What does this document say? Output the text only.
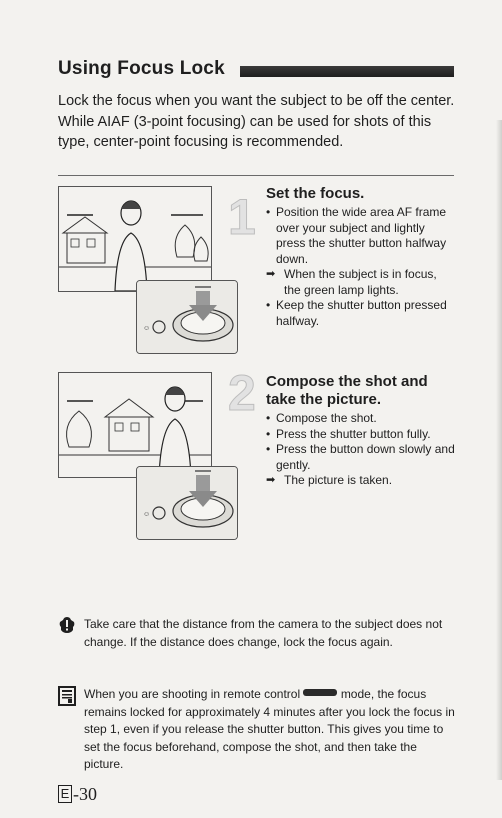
Using Focus Lock

Lock the focus when you want the subject to be off the center.

While AIAF (3-point focusing) can be used for shots of this type, center-point focusing is recommended.

☺
1 Set the focus.
• Position the wide area AF frame over your subject and lightly press the shutter button halfway down.
➡ When the subject is in focus, the green lamp lights.
• Keep the shutter button pressed halfway.
☺
2 Compose the shot and take the picture.
• Compose the shot.
• Press the shutter button fully.
• Press the button down slowly and gently.
➡ The picture is taken.
Take care that the distance from the camera to the subject does not change. If the distance does change, lock the focus again.
When you are shooting in remote control	mode, the focus remains locked for approximately 4 minutes after you lock the focus in step 1, even if you release the shutter button. This gives you time to set the focus beforehand, compose the shot, and then take the picture.
E -30
